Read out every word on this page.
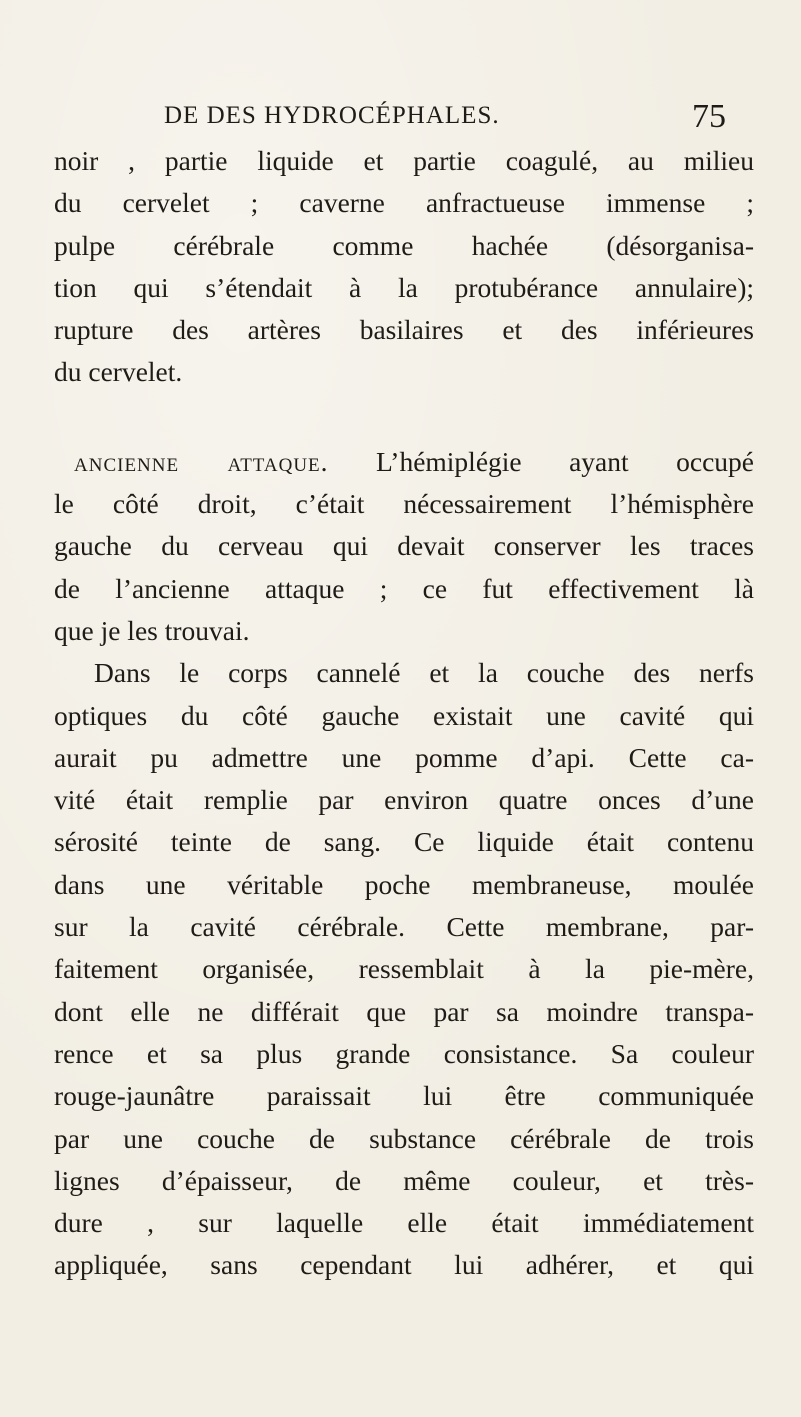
DE DES HYDROCÉPHALES.	75
noir , partie liquide et partie coagulé, au milieu
du cervelet ; caverne anfractueuse immense ;
pulpe cérébrale comme hachée (désorganisa-
tion qui s’étendait à la protubérance annulaire);
rupture des artères basilaires et des inférieures
du cervelet.
ancienne attaque. L’hémiplégie ayant occupé
le côté droit, c’était nécessairement l’hémisphère
gauche du cerveau qui devait conserver les traces
de l’ancienne attaque ; ce fut effectivement là
que je les trouvai.
Dans le corps cannelé et la couche des nerfs
optiques du côté gauche existait une cavité qui
aurait pu admettre une pomme d’api. Cette ca-
vité était remplie par environ quatre onces d’une
sérosité teinte de sang. Ce liquide était contenu
dans une véritable poche membraneuse, moulée
sur la cavité cérébrale. Cette membrane, par-
faitement organisée, ressemblait à la pie-mère,
dont elle ne différait que par sa moindre transpa-
rence et sa plus grande consistance. Sa couleur
rouge-jaunâtre paraissait lui être communiquée
par une couche de substance cérébrale de trois
lignes d’épaisseur, de même couleur, et très-
dure , sur laquelle elle était immédiatement
appliquée, sans cependant lui adhérer, et qui
